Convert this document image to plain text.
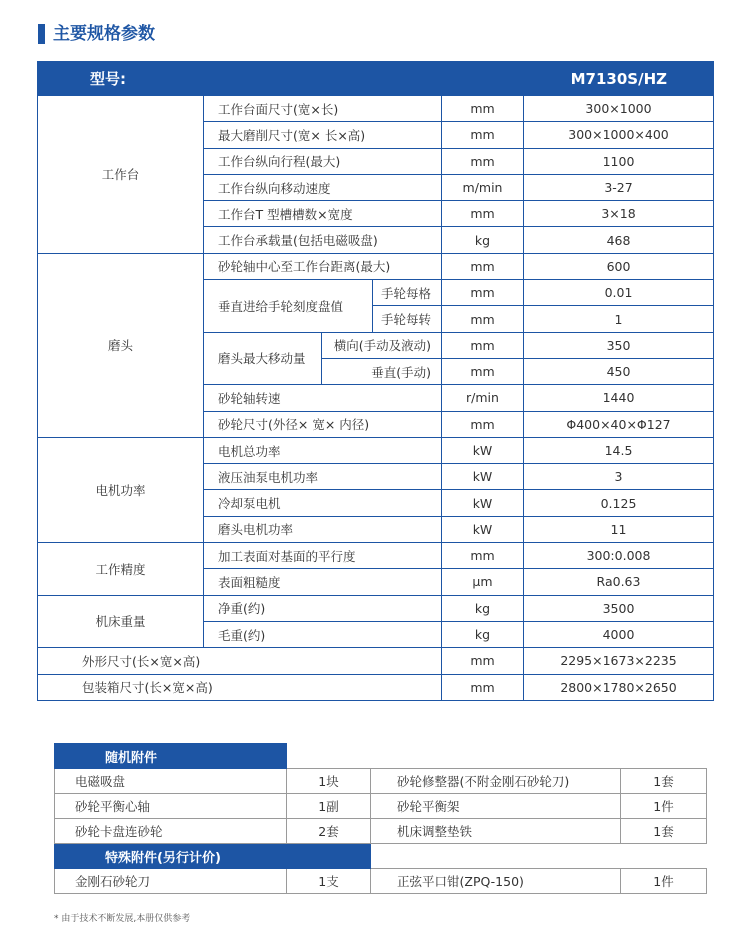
主要规格参数
型号:		M7130S/HZ			
工作台	工作台面尺寸(宽×长)			mm	300×1000
	最大磨削尺寸(宽× 长×高)			mm	300×1000×400
	工作台纵向行程(最大)			mm	1100
	工作台纵向移动速度			m/min	3-27
	工作台T 型槽槽数×宽度			mm	3×18
	工作台承载量(包括电磁吸盘)			kg	468
磨头	砂轮轴中心至工作台距离(最大)			mm	600
	垂直进给手轮刻度盘值		手轮每格	mm	0.01
			手轮每转	mm	1
	磨头最大移动量	横向(手动及液动)		mm	350
		垂直(手动)		mm	450
	砂轮轴转速			r/min	1440
	砂轮尺寸(外径× 宽× 内径)			mm	Φ400×40×Φ127
电机功率	电机总功率			kW	14.5
	液压油泵电机功率			kW	3
	冷却泵电机			kW	0.125
	磨头电机功率			kW	11
工作精度	加工表面对基面的平行度			mm	300:0.008
	表面粗糙度			μm	Ra0.63
机床重量	净重(约)			kg	3500
	毛重(约)			kg	4000
外形尺寸(长×宽×高)				mm	2295×1673×2235
包装箱尺寸(长×宽×高)				mm	2800×1780×2650
随机附件			
电磁吸盘	1块	砂轮修整器(不附金刚石砂轮刀)	1套
砂轮平衡心轴	1副	砂轮平衡架	1件
砂轮卡盘连砂轮	2套	机床调整垫铁	1套
特殊附件(另行计价)			
金刚石砂轮刀	1支	正弦平口钳(ZPQ-150)	1件
* 由于技术不断发展,本册仅供参考
